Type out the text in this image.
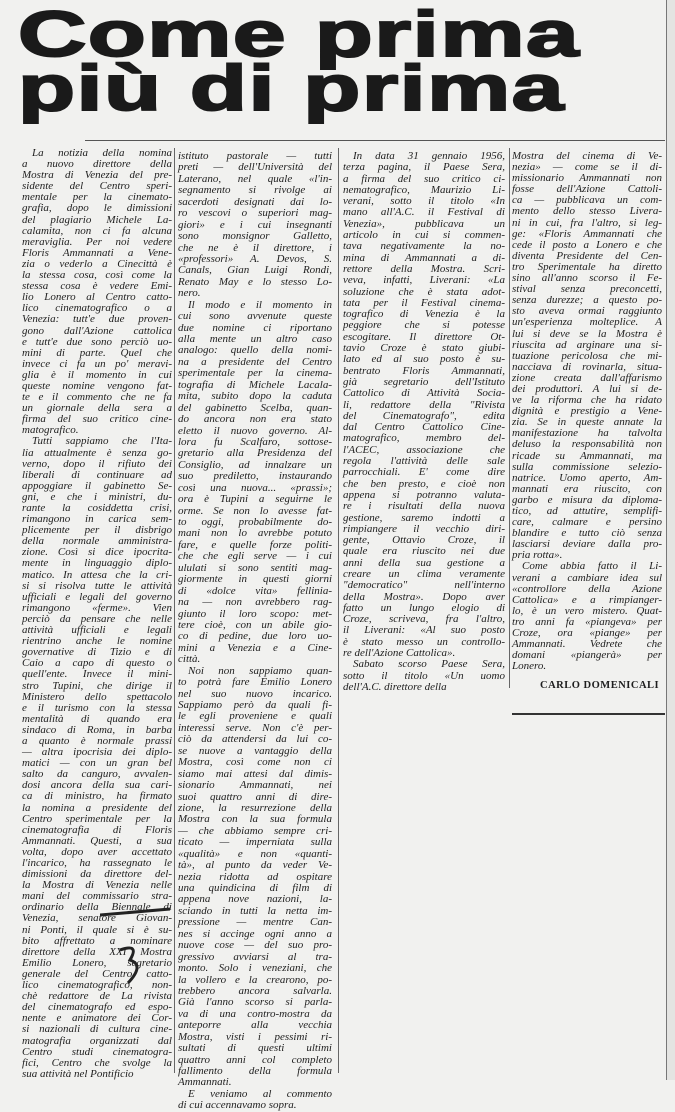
Come prima
più di prima
La notizia della nomina
a nuovo direttore della
Mostra di Venezia del pre-
sidente del Centro speri-
mentale per la cinemato-
grafia, dopo le dimissioni
del plagiario Michele La-
calamita, non ci fa alcuna
meraviglia. Per noi vedere
Floris Ammannati a Vene-
zia o vederlo a Cinecittà è
la stessa cosa, così come la
stessa cosa è vedere Emi-
lio Lonero al Centro catto-
lico cinematografico o a
Venezia: tutt'e due proven-
gono dall'Azione cattolica
e tutt'e due sono perciò uo-
mini di parte. Quel che
invece ci fa un po' meravi-
glia è il momento in cui
queste nomine vengono fat-
te e il commento che ne fa
un giornale della sera a
firma del suo critico cine-
matografico.
Tutti sappiamo che l'Ita-
lia attualmente è senza go-
verno, dopo il rifiuto dei
liberali di continuare ad
appoggiare il gabinetto Se-
gni, e che i ministri, du-
rante la cosiddetta crisi,
rimangono in carica sem-
plicemente per il disbrigo
della normale amministra-
zione. Così si dice ipocrita-
mente in linguaggio diplo-
matico. In attesa che la cri-
si si risolva tutte le attività
ufficiali e legali del governo
rimangono «ferme». Vien
perciò da pensare che nelle
attività ufficiali e legali
rientrino anche le nomine
governative di Tizio e di
Caio a capo di questo o
quell'ente. Invece il mini-
stro Tupini, che dirige il
Ministero dello spettacolo
e il turismo con la stessa
mentalità di quando era
sindaco di Roma, in barba
a quanto è normale prassi
— altra ipocrisia dei diplo-
matici — con un gran bel
salto da canguro, avvalen-
dosi ancora della sua cari-
ca di ministro, ha firmato
la nomina a presidente del
Centro sperimentale per la
cinematografia di Floris
Ammannati. Questi, a sua
volta, dopo aver accettato
l'incarico, ha rassegnato le
dimissioni da direttore del-
la Mostra di Venezia nelle
mani del commissario stra-
ordinario della Biennale di
Venezia, senatore Giovan-
ni Ponti, il quale si è su-
bito affrettato a nominare
direttore della XXI Mostra
Emilio Lonero, segretario
generale del Centro catto-
lico cinematografico, non-
chè redattore de La rivista
del cinematografo ed espo-
nente e animatore dei Cor-
si nazionali di cultura cine-
matografia organizzati dal
Centro studi cinematogra-
fici, Centro che svolge la
sua attività nel Pontificio
istituto pastorale — tutti
preti — dell'Università del
Laterano, nel quale «l'in-
segnamento si rivolge ai
sacerdoti designati dai lo-
ro vescovi o superiori mag-
giori» e i cui insegnanti
sono monsignor Galletto,
che ne è il direttore, i
«professori» A. Devos, S.
Canals, Gian Luigi Rondi,
Renato May e lo stesso Lo-
nero.
Il modo e il momento in
cui sono avvenute queste
due nomine ci riportano
alla mente un altro caso
analogo: quello della nomi-
na a presidente del Centro
sperimentale per la cinema-
tografia di Michele Lacala-
mita, subito dopo la caduta
del gabinetto Scelba, quan-
do ancora non era stato
eletto il nuovo governo. Al-
lora fu Scalfaro, sottose-
gretario alla Presidenza del
Consiglio, ad innalzare un
suo prediletto, instaurando
così una nuova... «prassi»;
ora è Tupini a seguirne le
orme. Se non lo avesse fat-
to oggi, probabilmente do-
mani non lo avrebbe potuto
fare, e quelle forze politi-
che che egli serve — i cui
ululati si sono sentiti mag-
giormente in questi giorni
di «dolce vita» fellinia-
na — non avrebbero rag-
giunto il loro scopo: met-
tere cioè, con un abile gio-
co di pedine, due loro uo-
mini a Venezia e a Cine-
città.
Noi non sappiamo quan-
to potrà fare Emilio Lonero
nel suo nuovo incarico.
Sappiamo però da quali fi-
le egli proveniene e quali
interessi serve. Non c'è per-
ciò da attendersi da lui co-
se nuove a vantaggio della
Mostra, così come non ci
siamo mai attesi dal dimis-
sionario Ammannati, nei
suoi quattro anni di dire-
zione, la resurrezione della
Mostra con la sua formula
— che abbiamo sempre cri-
ticato — imperniata sulla
«qualità» e non «quanti-
tà», al punto da veder Ve-
nezia ridotta ad ospitare
una quindicina di film di
appena nove nazioni, la-
sciando in tutti la netta im-
pressione — mentre Can-
nes si accinge ogni anno a
nuove cose — del suo pro-
gressivo avviarsi al tra-
monto. Solo i veneziani, che
la vollero e la crearono, po-
trebbero ancora salvarla.
Già l'anno scorso si parla-
va di una contro-mostra da
anteporre alla vecchia
Mostra, visti i pessimi ri-
sultati di questi ultimi
quattro anni col completo
fallimento della formula
Ammannati.
E veniamo al commento
di cui accennavamo sopra.
In data 31 gennaio 1956,
terza pagina, il Paese Sera,
a firma del suo critico ci-
nematografico, Maurizio Li-
verani, sotto il titolo «In
mano all'A.C. il Festival di
Venezia», pubblicava un
articolo in cui si commen-
tava negativamente la no-
mina di Ammannati a di-
rettore della Mostra. Scri-
veva, infatti, Liverani: «La
soluzione che è stata adot-
tata per il Festival cinema-
tografico di Venezia è la
peggiore che si potesse
escogitare. Il direttore Ot-
tavio Croze è stato giubi-
lato ed al suo posto è su-
bentrato Floris Ammannati,
già segretario dell'Istituto
Cattolico di Attività Socia-
li, redattore della "Rivista
del Cinematografo", edita
dal Centro Cattolico Cine-
matografico, membro del-
l'ACEC, associazione che
regola l'attività delle sale
parrocchiali. E' come dire
che ben presto, e cioè non
appena si potranno valuta-
re i risultati della nuova
gestione, saremo indotti a
rimpiangere il vecchio diri-
gente, Ottavio Croze, il
quale era riuscito nei due
anni della sua gestione a
creare un clima veramente
"democratico" nell'interno
della Mostra». Dopo aver
fatto un lungo elogio di
Croze, scriveva, fra l'altro,
il Liverani: «Al suo posto
è stato messo un controllo-
re dell'Azione Cattolica».
Sabato scorso Paese Sera,
sotto il titolo «Un uomo
dell'A.C. direttore della
Mostra del cinema di Ve-
nezia» — come se il di-
missionario Ammannati non
fosse dell'Azione Cattoli-
ca — pubblicava un com-
mento dello stesso Livera-
ni in cui, fra l'altro, si leg-
ge: «Floris Ammannati che
cede il posto a Lonero e che
diventa Presidente del Cen-
tro Sperimentale ha diretto
sino all'anno scorso il Fe-
stival senza preconcetti,
senza durezze; a questo po-
sto aveva ormai raggiunto
un'esperienza molteplice. A
lui si deve se la Mostra è
riuscita ad arginare una si-
tuazione pericolosa che mi-
nacciava di rovinarla, situa-
zione creata dall'affarismo
dei produttori. A lui si de-
ve la riforma che ha ridato
dignità e prestigio a Vene-
zia. Se in queste annate la
manifestazione ha talvolta
deluso la responsabilità non
ricade su Ammannati, ma
sulla commissione selezio-
natrice. Uomo aperto, Am-
mannati era riuscito, con
garbo e misura da diploma-
tico, ad attutire, semplifi-
care, calmare e persino
blandire e tutto ciò senza
lasciarsi deviare dalla pro-
pria rotta».
Come abbia fatto il Li-
verani a cambiare idea sul
«controllore della Azione
Cattolica» e a rimpianger-
lo, è un vero mistero. Quat-
tro anni fa «piangeva» per
Croze, ora «piange» per
Ammannati. Vedrete che
domani «piangerà» per
Lonero.
CARLO DOMENICALI
